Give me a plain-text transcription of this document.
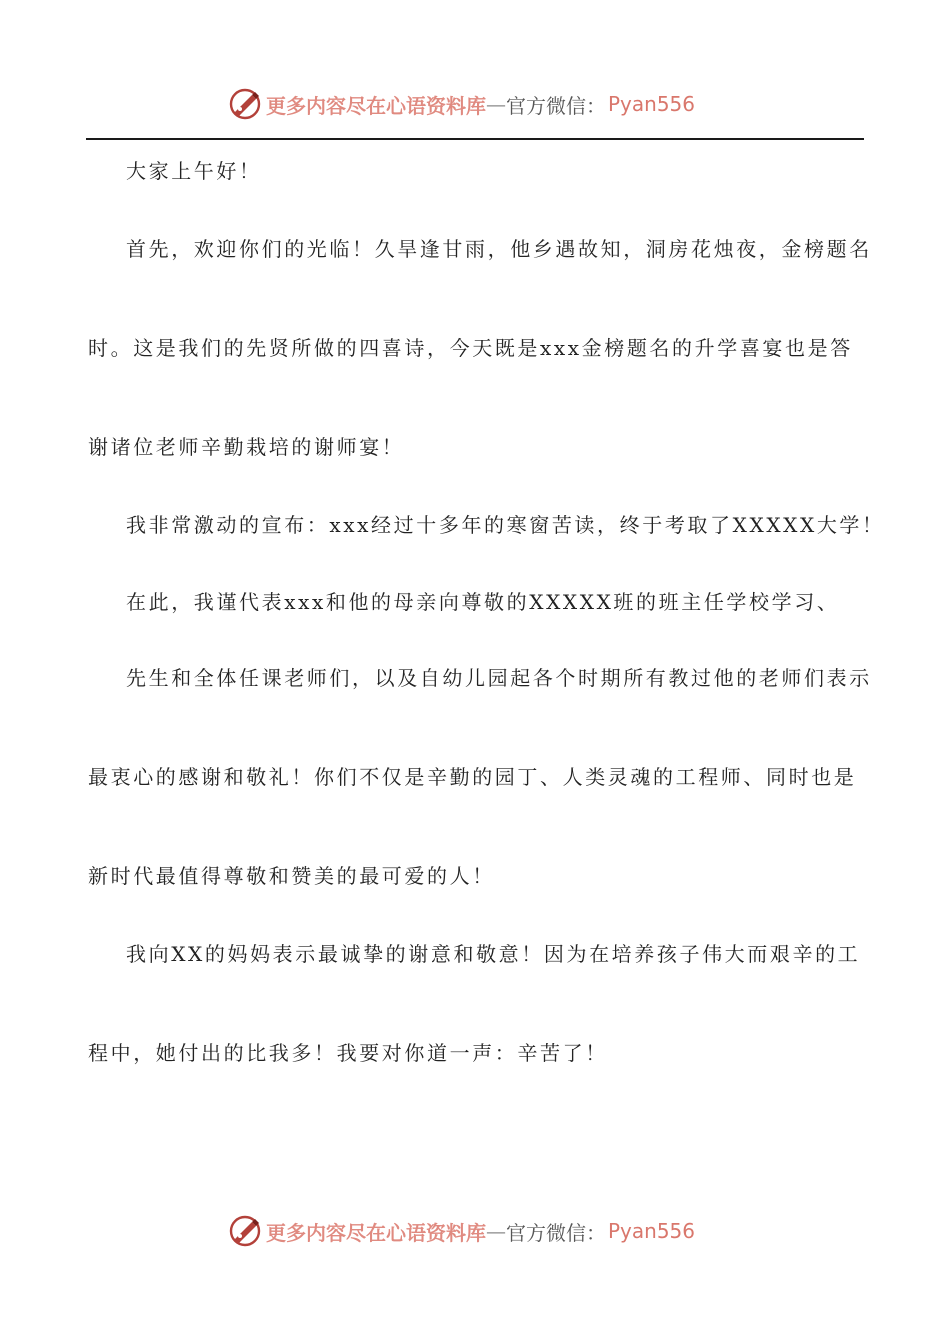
更多内容尽在心语资料库 — 官方微信： Pyan556
大家上午好！
首先，欢迎你们的光临！久旱逢甘雨，他乡遇故知，洞房花烛夜，金榜题名
时。这是我们的先贤所做的四喜诗，今天既是xxx金榜题名的升学喜宴也是答
谢诸位老师辛勤栽培的谢师宴！
我非常激动的宣布：xxx经过十多年的寒窗苦读，终于考取了XXXXX大学！
在此，我谨代表xxx和他的母亲向尊敬的XXXXX班的班主任学校学习、
先生和全体任课老师们，以及自幼儿园起各个时期所有教过他的老师们表示
最衷心的感谢和敬礼！你们不仅是辛勤的园丁、人类灵魂的工程师、同时也是
新时代最值得尊敬和赞美的最可爱的人！
我向XX的妈妈表示最诚挚的谢意和敬意！因为在培养孩子伟大而艰辛的工
程中，她付出的比我多！我要对你道一声：辛苦了！
更多内容尽在心语资料库 — 官方微信： Pyan556
